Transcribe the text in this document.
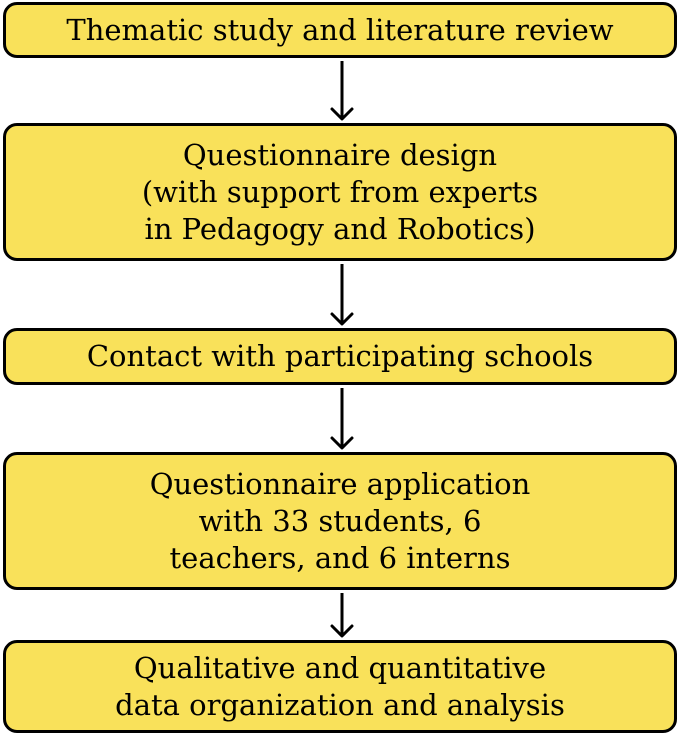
Thematic study and literature review
Questionnaire design
(with support from experts
in Pedagogy and Robotics)
Contact with participating schools
Questionnaire application
with 33 students, 6
teachers, and 6 interns
Qualitative and quantitative
data organization and analysis
